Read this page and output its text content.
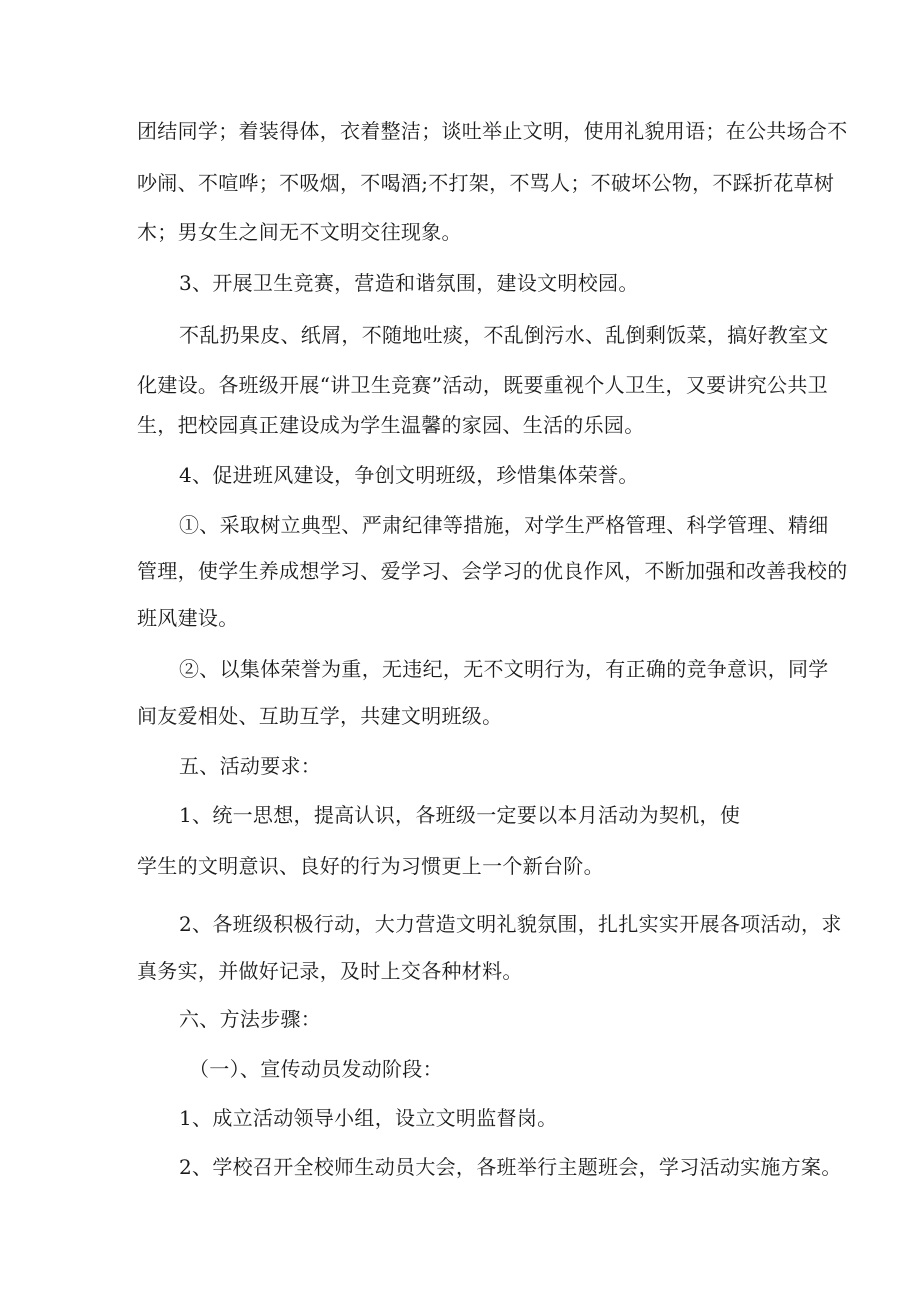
团结同学；着装得体，衣着整洁；谈吐举止文明，使用礼貌用语；在公共场合不
吵闹、不喧哗；不吸烟，不喝酒;不打架，不骂人；不破坏公物，不踩折花草树
木；男女生之间无不文明交往现象。
3、开展卫生竞赛，营造和谐氛围，建设文明校园。
不乱扔果皮、纸屑，不随地吐痰，不乱倒污水、乱倒剩饭菜，搞好教室文
化建设。各班级开展“讲卫生竞赛”活动，既要重视个人卫生，又要讲究公共卫
生，把校园真正建设成为学生温馨的家园、生活的乐园。
4、促进班风建设，争创文明班级，珍惜集体荣誉。
①、采取树立典型、严肃纪律等措施，对学生严格管理、科学管理、精细
管理，使学生养成想学习、爱学习、会学习的优良作风，不断加强和改善我校的
班风建设。
②、以集体荣誉为重，无违纪，无不文明行为，有正确的竞争意识，同学
间友爱相处、互助互学，共建文明班级。
五、活动要求：
1、统一思想，提高认识，各班级一定要以本月活动为契机，使
学生的文明意识、良好的行为习惯更上一个新台阶。
2、各班级积极行动，大力营造文明礼貌氛围，扎扎实实开展各项活动，求
真务实，并做好记录，及时上交各种材料。
六、方法步骤：
（一）、宣传动员发动阶段：
1、成立活动领导小组，设立文明监督岗。
2、学校召开全校师生动员大会，各班举行主题班会，学习活动实施方案。
